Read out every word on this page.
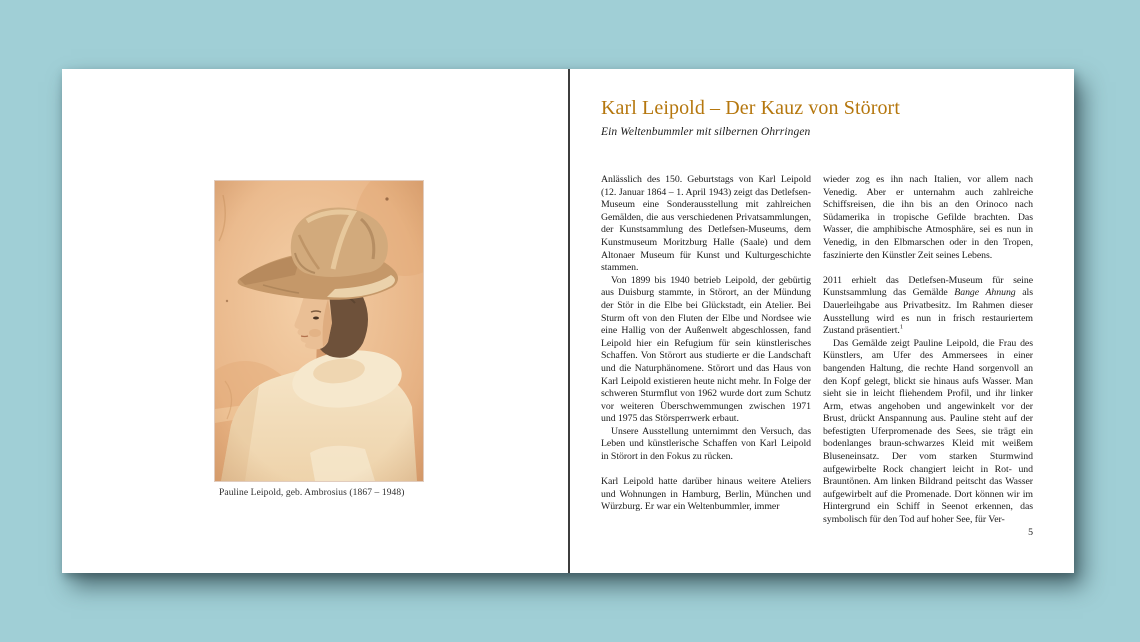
Pauline Leipold, geb. Ambrosius (1867 – 1948)
Karl Leipold – Der Kauz von Störort
Ein Weltenbummler mit silbernen Ohrringen

Anlässlich des 150. Geburtstags von Karl Leipold (12. Januar 1864 – 1. April 1943) zeigt das Detlefsen-Museum eine Sonderausstellung mit zahlreichen Gemälden, die aus verschiedenen Privatsammlungen, der Kunstsammlung des Detlefsen-Museums, dem Kunstmuseum Moritzburg Halle (Saale) und dem Altonaer Museum für Kunst und Kulturgeschichte stammen.

Von 1899 bis 1940 betrieb Leipold, der gebürtig aus Duisburg stammte, in Störort, an der Mündung der Stör in die Elbe bei Glückstadt, ein Atelier. Bei Sturm oft von den Fluten der Elbe und Nordsee wie eine Hallig von der Außenwelt abgeschlossen, fand Leipold hier ein Refugium für sein künstlerisches Schaffen. Von Störort aus studierte er die Landschaft und die Naturphänomene. Störort und das Haus von Karl Leipold existieren heute nicht mehr. In Folge der schweren Sturmflut von 1962 wurde dort zum Schutz vor weiteren Überschwemmungen zwischen 1971 und 1975 das Störsperrwerk erbaut.

Unsere Ausstellung unternimmt den Versuch, das Leben und künstlerische Schaffen von Karl Leipold in Störort in den Fokus zu rücken.

Karl Leipold hatte darüber hinaus weitere Ateliers und Wohnungen in Hamburg, Berlin, München und Würzburg. Er war ein Weltenbummler, immer

wieder zog es ihn nach Italien, vor allem nach Venedig. Aber er unternahm auch zahlreiche Schiffsreisen, die ihn bis an den Orinoco nach Südamerika in tropische Gefilde brachten. Das Wasser, die amphibische Atmosphäre, sei es nun in Venedig, in den Elbmarschen oder in den Tropen, faszinierte den Künstler Zeit seines Lebens.

2011 erhielt das Detlefsen-Museum für seine Kunstsammlung das Gemälde Bange Ahnung als Dauerleihgabe aus Privatbesitz. Im Rahmen dieser Ausstellung wird es nun in frisch restauriertem Zustand präsentiert.$^1$

Das Gemälde zeigt Pauline Leipold, die Frau des Künstlers, am Ufer des Ammersees in einer bangenden Haltung, die rechte Hand sorgenvoll an den Kopf gelegt, blickt sie hinaus aufs Wasser. Man sieht sie in leicht fliehendem Profil, und ihr linker Arm, etwas angehoben und angewinkelt vor der Brust, drückt Anspannung aus. Pauline steht auf der befestigten Uferpromenade des Sees, sie trägt ein bodenlanges braun-schwarzes Kleid mit weißem Bluseneinsatz. Der vom starken Sturmwind aufgewirbelte Rock changiert leicht in Rot- und Brauntönen. Am linken Bildrand peitscht das Wasser aufgewirbelt auf die Promenade. Dort können wir im Hintergrund ein Schiff in Seenot erkennen, das symbolisch für den Tod auf hoher See, für Ver-

5
